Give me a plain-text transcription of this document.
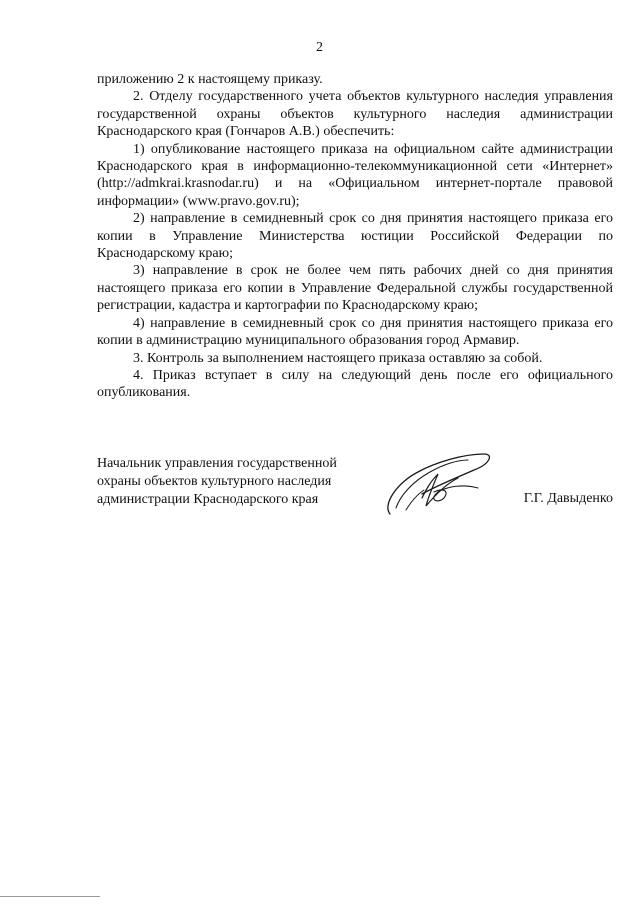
2

приложению 2 к настоящему приказу.

2. Отделу государственного учета объектов культурного наследия управления государственной охраны объектов культурного наследия администрации Краснодарского края (Гончаров А.В.) обеспечить:

1) опубликование настоящего приказа на официальном сайте администрации Краснодарского края в информационно-телекоммуникационной сети «Интернет» (http://admkrai.krasnodar.ru) и на «Официальном интернет-портале правовой информации» (www.pravo.gov.ru);

2) направление в семидневный срок со дня принятия настоящего приказа его копии в Управление Министерства юстиции Российской Федерации по Краснодарскому краю;

3) направление в срок не более чем пять рабочих дней со дня принятия настоящего приказа его копии в Управление Федеральной службы государственной регистрации, кадастра и картографии по Краснодарскому краю;

4) направление в семидневный срок со дня принятия настоящего приказа его копии в администрацию муниципального образования город Армавир.

3. Контроль за выполнением настоящего приказа оставляю за собой.

4. Приказ вступает в силу на следующий день после его официального опубликования.

Начальник управления государственной
охраны объектов культурного наследия
администрации Краснодарского края	Г.Г. Давыденко
